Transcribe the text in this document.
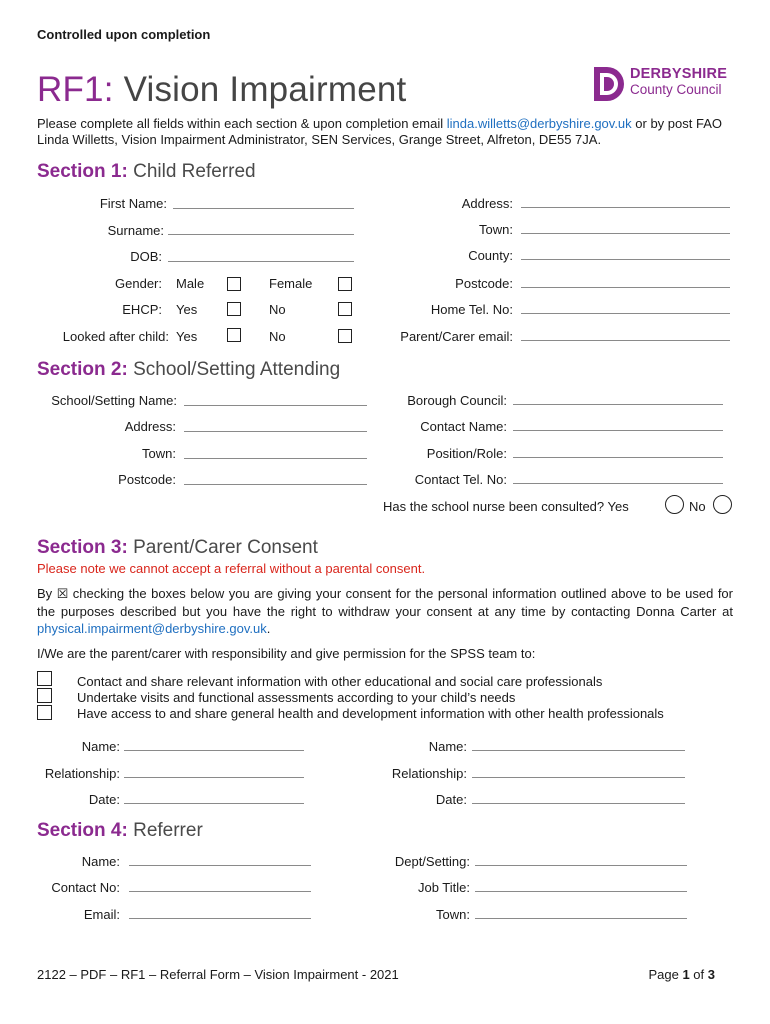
Controlled upon completion
RF1: Vision Impairment	DERBYSHIRE
County Council
Please complete all fields within each section & upon completion email linda.willetts@derbyshire.gov.uk or by post FAO Linda Willetts, Vision Impairment Administrator, SEN Services, Grange Street, Alfreton, DE55 7JA.
Section 1: Child Referred
First Name:
Surname:
DOB:
Gender: Male	Female
EHCP: Yes	No
Looked after child: Yes	No
Address:
Town:
County:
Postcode:
Home Tel. No:
Parent/Carer email:
Section 2: School/Setting Attending
School/Setting Name:
Address:
Town:
Postcode:
Borough Council:
Contact Name:
Position/Role:
Contact Tel. No:
Has the school nurse been consulted? Yes	No
Section 3: Parent/Carer Consent
Please note we cannot accept a referral without a parental consent.
By ☒ checking the boxes below you are giving your consent for the personal information outlined above to be used for the purposes described but you have the right to withdraw your consent at any time by contacting Donna Carter at physical.impairment@derbyshire.gov.uk.
I/We are the parent/carer with responsibility and give permission for the SPSS team to:
Contact and share relevant information with other educational and social care professionals
Undertake visits and functional assessments according to your child’s needs
Have access to and share general health and development information with other health professionals
Name:
Relationship:
Date:
Name:
Relationship:
Date:
Section 4: Referrer
Name:
Contact No:
Email:
Dept/Setting:
Job Title:
Town:
2122 – PDF – RF1 – Referral Form – Vision Impairment - 2021	Page 1 of 3
